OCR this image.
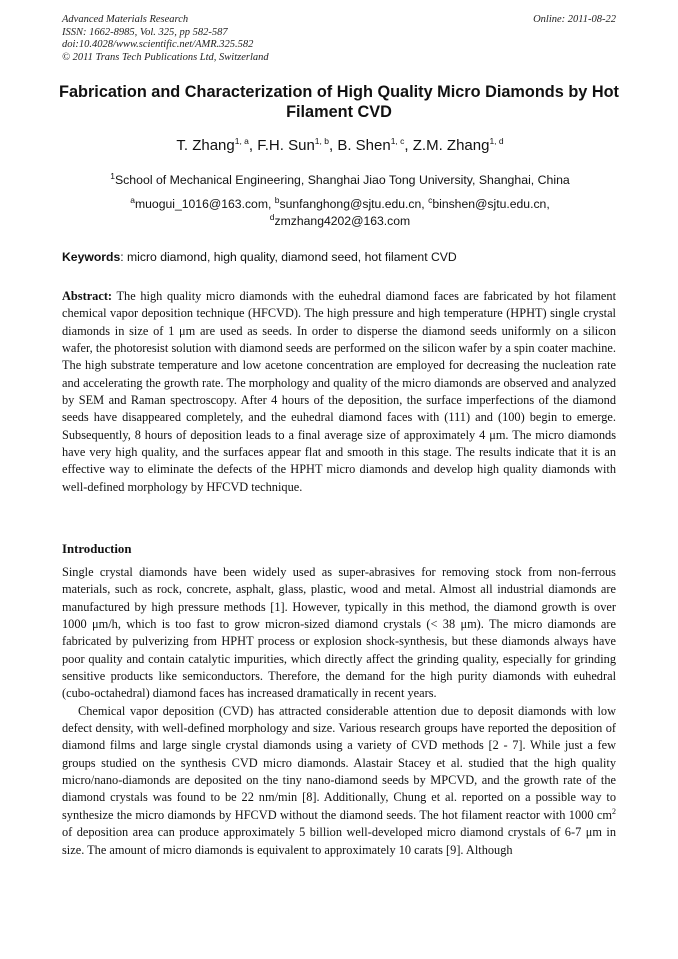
Advanced Materials Research
ISSN: 1662-8985, Vol. 325, pp 582-587
doi:10.4028/www.scientific.net/AMR.325.582
© 2011 Trans Tech Publications Ltd, Switzerland
Online: 2011-08-22
Fabrication and Characterization of High Quality Micro Diamonds by Hot Filament CVD
T. Zhang$^{1, a}$, F.H. Sun$^{1, b}$, B. Shen$^{1, c}$, Z.M. Zhang$^{1, d}$
$^1$School of Mechanical Engineering, Shanghai Jiao Tong University, Shanghai, China
$^a$muogui_1016@163.com, $^b$sunfanghong@sjtu.edu.cn, $^c$binshen@sjtu.edu.cn,
$^d$zmzhang4202@163.com
Keywords: micro diamond, high quality, diamond seed, hot filament CVD
Abstract: The high quality micro diamonds with the euhedral diamond faces are fabricated by hot filament chemical vapor deposition technique (HFCVD). The high pressure and high temperature (HPHT) single crystal diamonds in size of 1 μm are used as seeds. In order to disperse the diamond seeds uniformly on a silicon wafer, the photoresist solution with diamond seeds are performed on the silicon wafer by a spin coater machine. The high substrate temperature and low acetone concentration are employed for decreasing the nucleation rate and accelerating the growth rate. The morphology and quality of the micro diamonds are observed and analyzed by SEM and Raman spectroscopy. After 4 hours of the deposition, the surface imperfections of the diamond seeds have disappeared completely, and the euhedral diamond faces with (111) and (100) begin to emerge. Subsequently, 8 hours of deposition leads to a final average size of approximately 4 μm. The micro diamonds have very high quality, and the surfaces appear flat and smooth in this stage. The results indicate that it is an effective way to eliminate the defects of the HPHT micro diamonds and develop high quality diamonds with well-defined morphology by HFCVD technique.
Introduction

Single crystal diamonds have been widely used as super-abrasives for removing stock from non-ferrous materials, such as rock, concrete, asphalt, glass, plastic, wood and metal. Almost all industrial diamonds are manufactured by high pressure methods [1]. However, typically in this method, the diamond growth is over 1000 μm/h, which is too fast to grow micron-sized diamond crystals (< 38 μm). The micro diamonds are fabricated by pulverizing from HPHT process or explosion shock-synthesis, but these diamonds always have poor quality and contain catalytic impurities, which directly affect the grinding quality, especially for grinding sensitive products like semiconductors. Therefore, the demand for the high purity diamonds with euhedral (cubo-octahedral) diamond faces has increased dramatically in recent years.

Chemical vapor deposition (CVD) has attracted considerable attention due to deposit diamonds with low defect density, with well-defined morphology and size. Various research groups have reported the deposition of diamond films and large single crystal diamonds using a variety of CVD methods [2 - 7]. While just a few groups studied on the synthesis CVD micro diamonds. Alastair Stacey et al. studied that the high quality micro/nano-diamonds are deposited on the tiny nano-diamond seeds by MPCVD, and the growth rate of the diamond crystals was found to be 22 nm/min [8]. Additionally, Chung et al. reported on a possible way to synthesize the micro diamonds by HFCVD without the diamond seeds. The hot filament reactor with 1000 $cm^2$ of deposition area can produce approximately 5 billion well-developed micro diamond crystals of 6-7 μm in size. The amount of micro diamonds is equivalent to approximately 10 carats [9]. Although
